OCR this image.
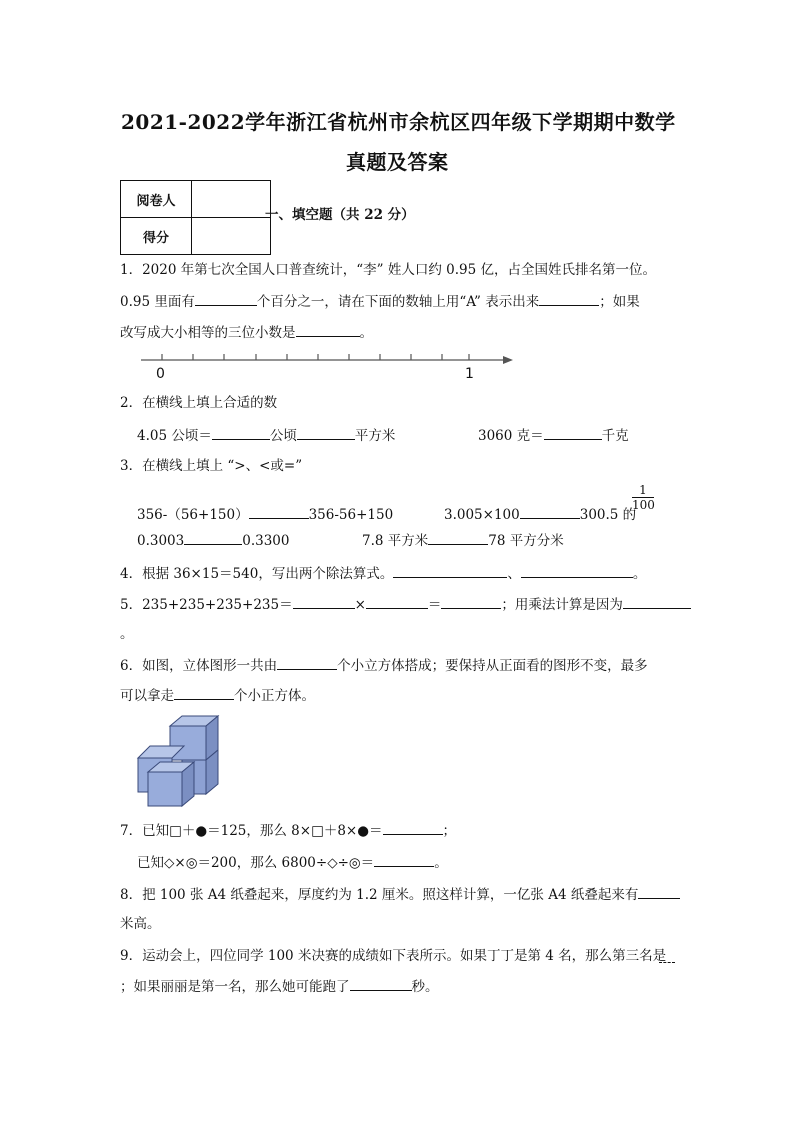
2021-2022学年浙江省杭州市余杭区四年级下学期期中数学
真题及答案
阅卷人	
得分	
一、填空题（共 22 分）
1．2020 年第七次全国人口普查统计，“李” 姓人口约 0.95 亿，占全国姓氏排名第一位。
0.95 里面有	个百分之一，请在下面的数轴上用“A” 表示出来	；如果
改写成大小相等的三位小数是	。
0	1
2．在横线上填上合适的数
4.05 公顷＝	公顷	平方米	3060 克＝	千克
3．在横线上填上 “>、<或=”
356-（56+150）	356-56+150	3.005×100	300.5 的
1
100
0.3003	0.3300	7.8 平方米	78 平方分米
4．根据 36×15＝540，写出两个除法算式。	、	。
5．235+235+235+235＝	×	＝	；用乘法计算是因为
。
6．如图，立体图形一共由	个小立方体搭成；要保持从正面看的图形不变，最多
可以拿走	个小正方体。
7．已知□＋●＝125，那么 8×□＋8×●＝	；
已知◇×◎＝200，那么 6800÷◇÷◎＝	。
8．把 100 张 A4 纸叠起来，厚度约为 1.2 厘米。照这样计算，一亿张 A4 纸叠起来有
米高。
9．运动会上，四位同学 100 米决赛的成绩如下表所示。如果丁丁是第 4 名，那么第三名是
；如果丽丽是第一名，那么她可能跑了	秒。
